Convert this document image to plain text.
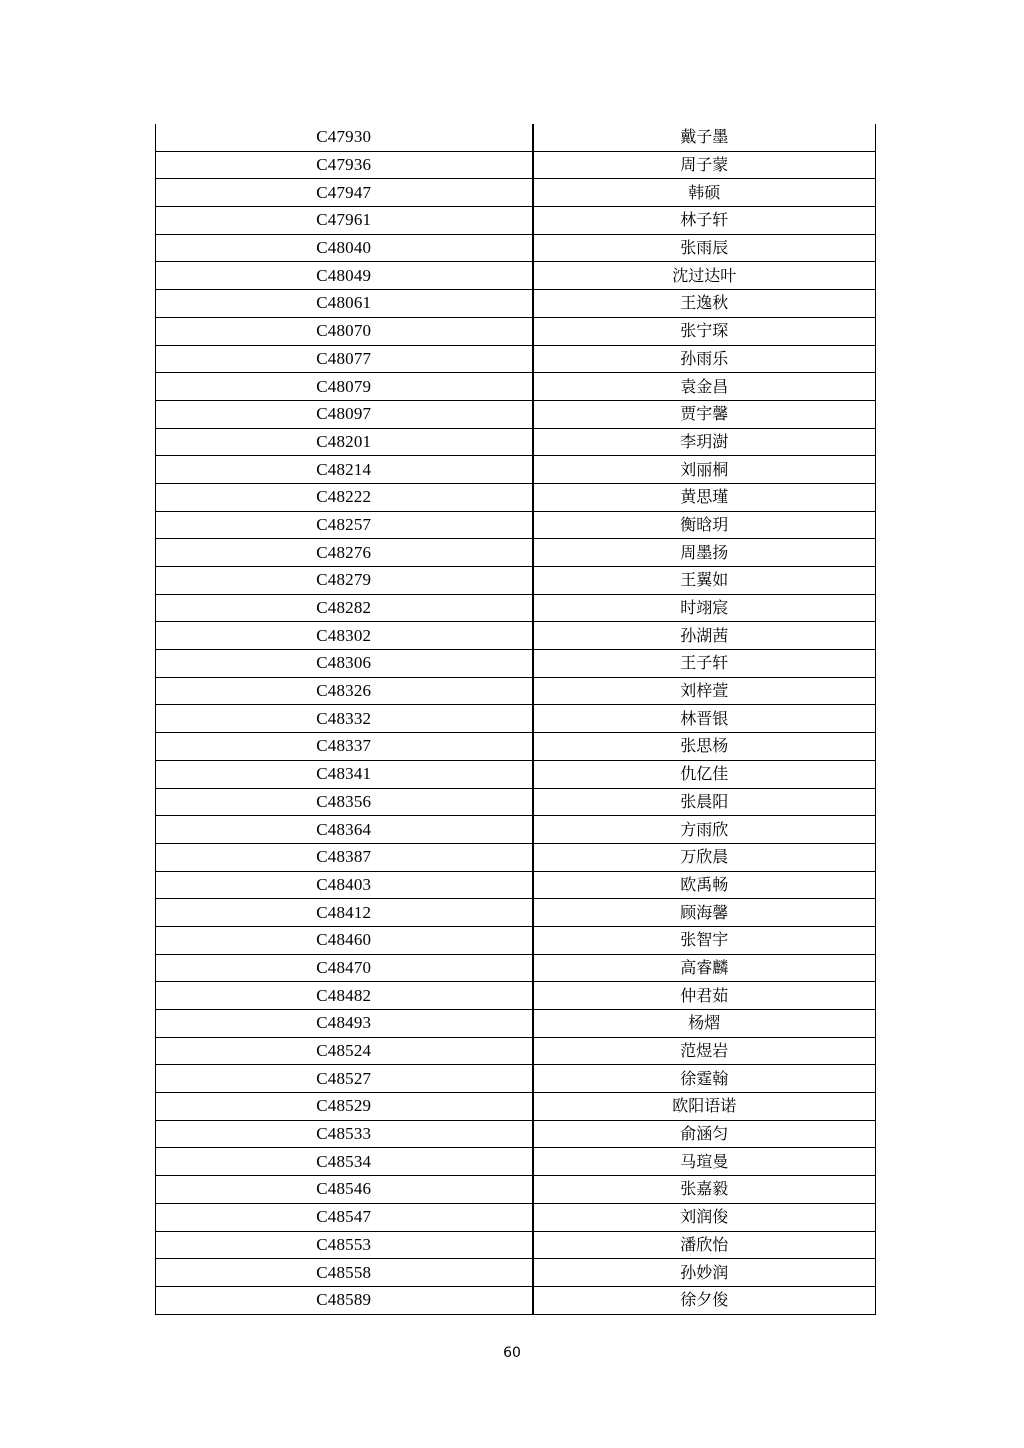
C47930	戴子墨
C47936	周子蒙
C47947	韩硕
C47961	林子轩
C48040	张雨辰
C48049	沈过达叶
C48061	王逸秋
C48070	张宁琛
C48077	孙雨乐
C48079	袁金昌
C48097	贾宇馨
C48201	李玥澍
C48214	刘丽桐
C48222	黄思瑾
C48257	衡晗玥
C48276	周墨扬
C48279	王翼如
C48282	时翊宸
C48302	孙湖茜
C48306	王子轩
C48326	刘梓萱
C48332	林晋银
C48337	张思杨
C48341	仇亿佳
C48356	张晨阳
C48364	方雨欣
C48387	万欣晨
C48403	欧禹畅
C48412	顾海馨
C48460	张智宇
C48470	高睿麟
C48482	仲君茹
C48493	杨熠
C48524	范煜岩
C48527	徐霆翰
C48529	欧阳语诺
C48533	俞涵匀
C48534	马瑄曼
C48546	张嘉毅
C48547	刘润俊
C48553	潘欣怡
C48558	孙妙润
C48589	徐夕俊
60
